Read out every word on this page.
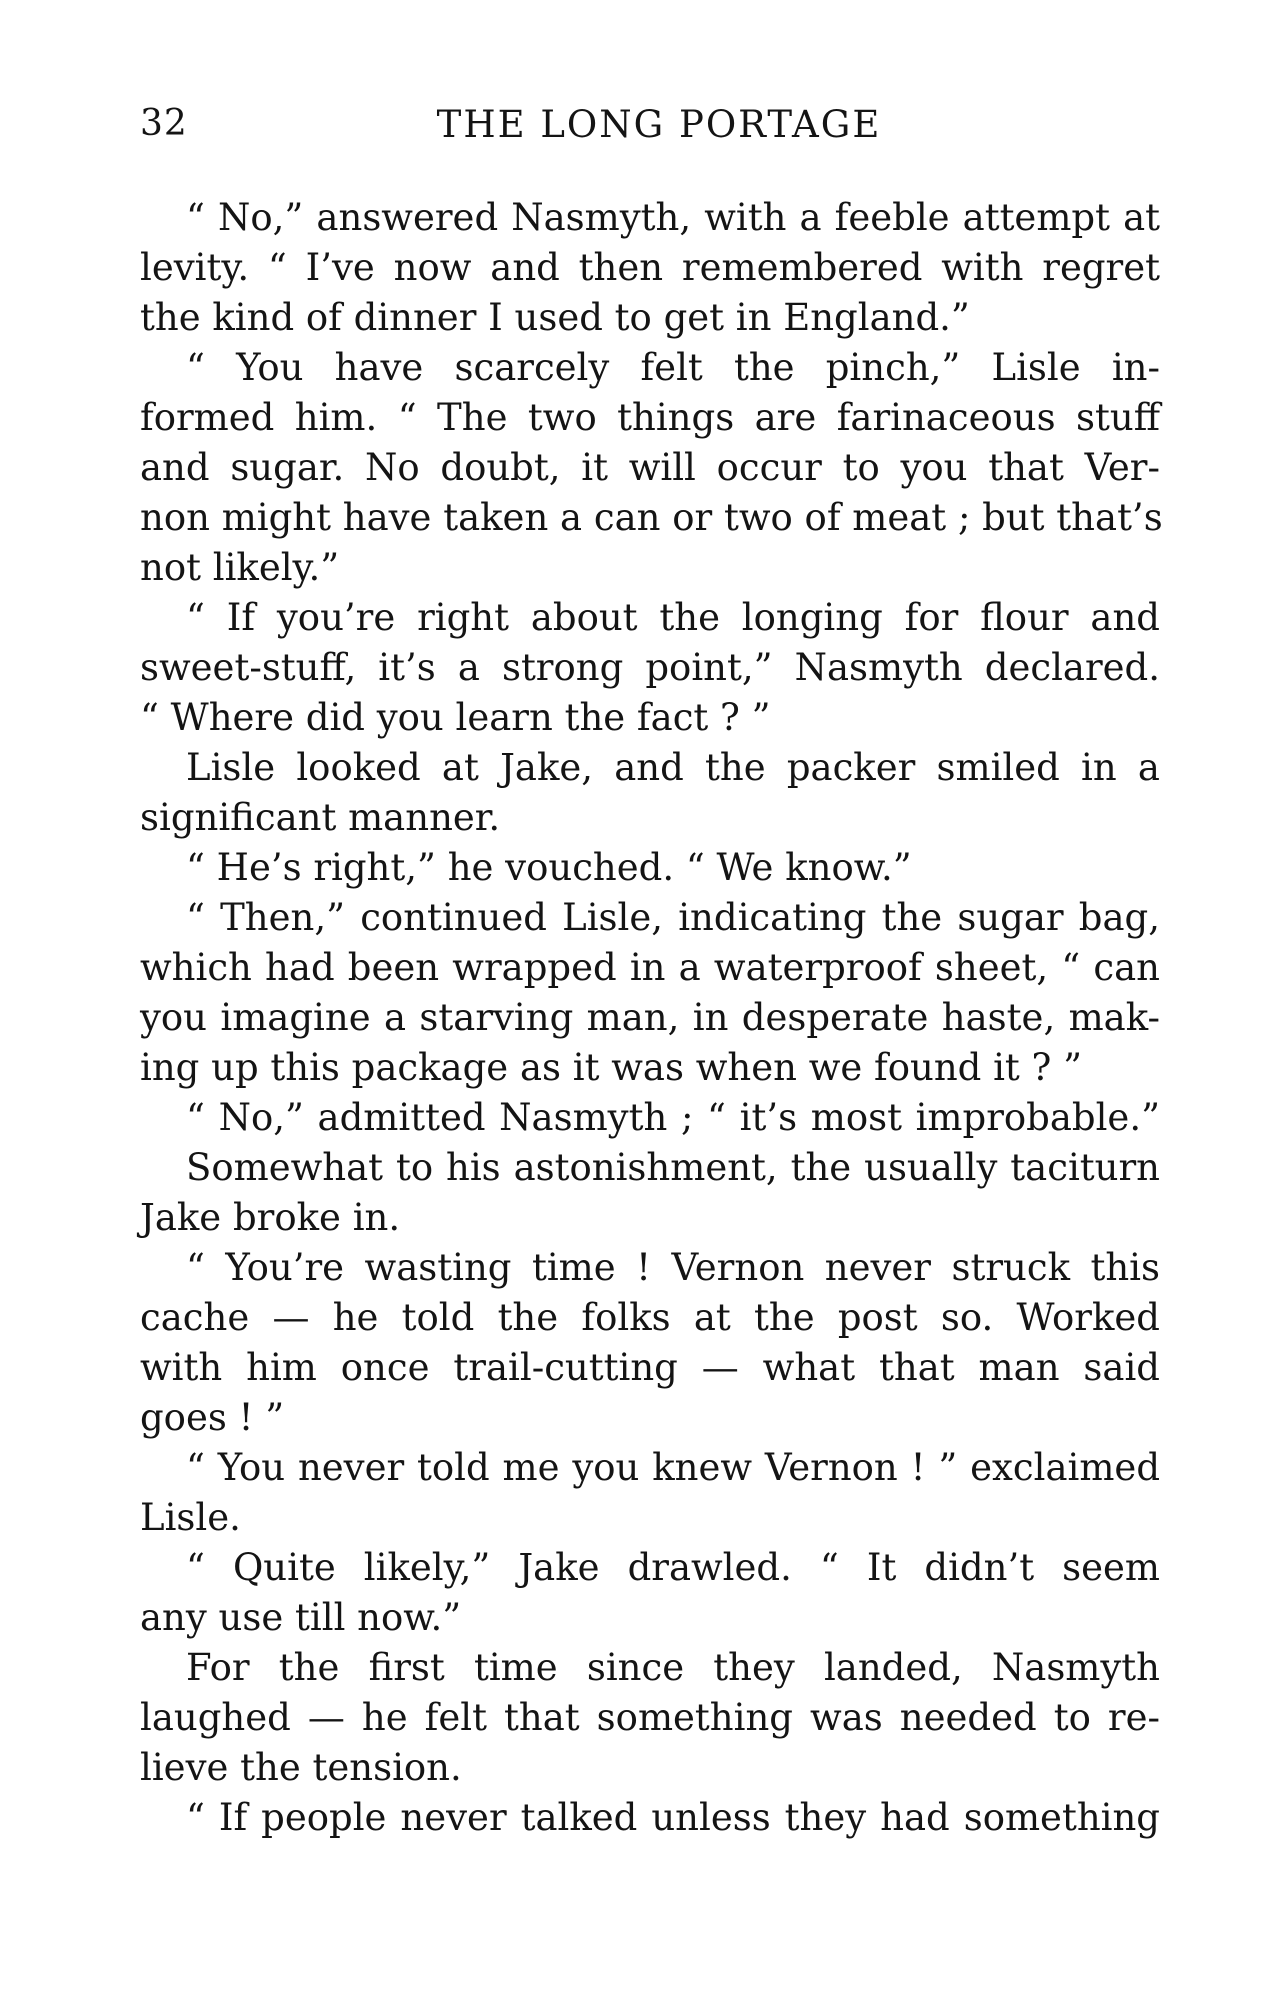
32	THE LONG PORTAGE
“ No,” answered Nasmyth, with a feeble attempt at
levity. “ I’ve now and then remembered with regret
the kind of dinner I used to get in England.”
“ You have scarcely felt the pinch,” Lisle in-
formed him. “ The two things are farinaceous stuff
and sugar. No doubt, it will occur to you that Ver-
non might have taken a can or two of meat ; but that’s
not likely.”
“ If you’re right about the longing for flour and
sweet-stuff, it’s a strong point,” Nasmyth declared.
“ Where did you learn the fact ? ”
Lisle looked at Jake, and the packer smiled in a
significant manner.
“ He’s right,” he vouched. “ We know.”
“ Then,” continued Lisle, indicating the sugar bag,
which had been wrapped in a waterproof sheet, “ can
you imagine a starving man, in desperate haste, mak-
ing up this package as it was when we found it ? ”
“ No,” admitted Nasmyth ; “ it’s most improbable.”
Somewhat to his astonishment, the usually taciturn
Jake broke in.
“ You’re wasting time ! Vernon never struck this
cache — he told the folks at the post so. Worked
with him once trail-cutting — what that man said
goes ! ”
“ You never told me you knew Vernon ! ” exclaimed
Lisle.
“ Quite likely,” Jake drawled. “ It didn’t seem
any use till now.”
For the first time since they landed, Nasmyth
laughed — he felt that something was needed to re-
lieve the tension.
“ If people never talked unless they had something
